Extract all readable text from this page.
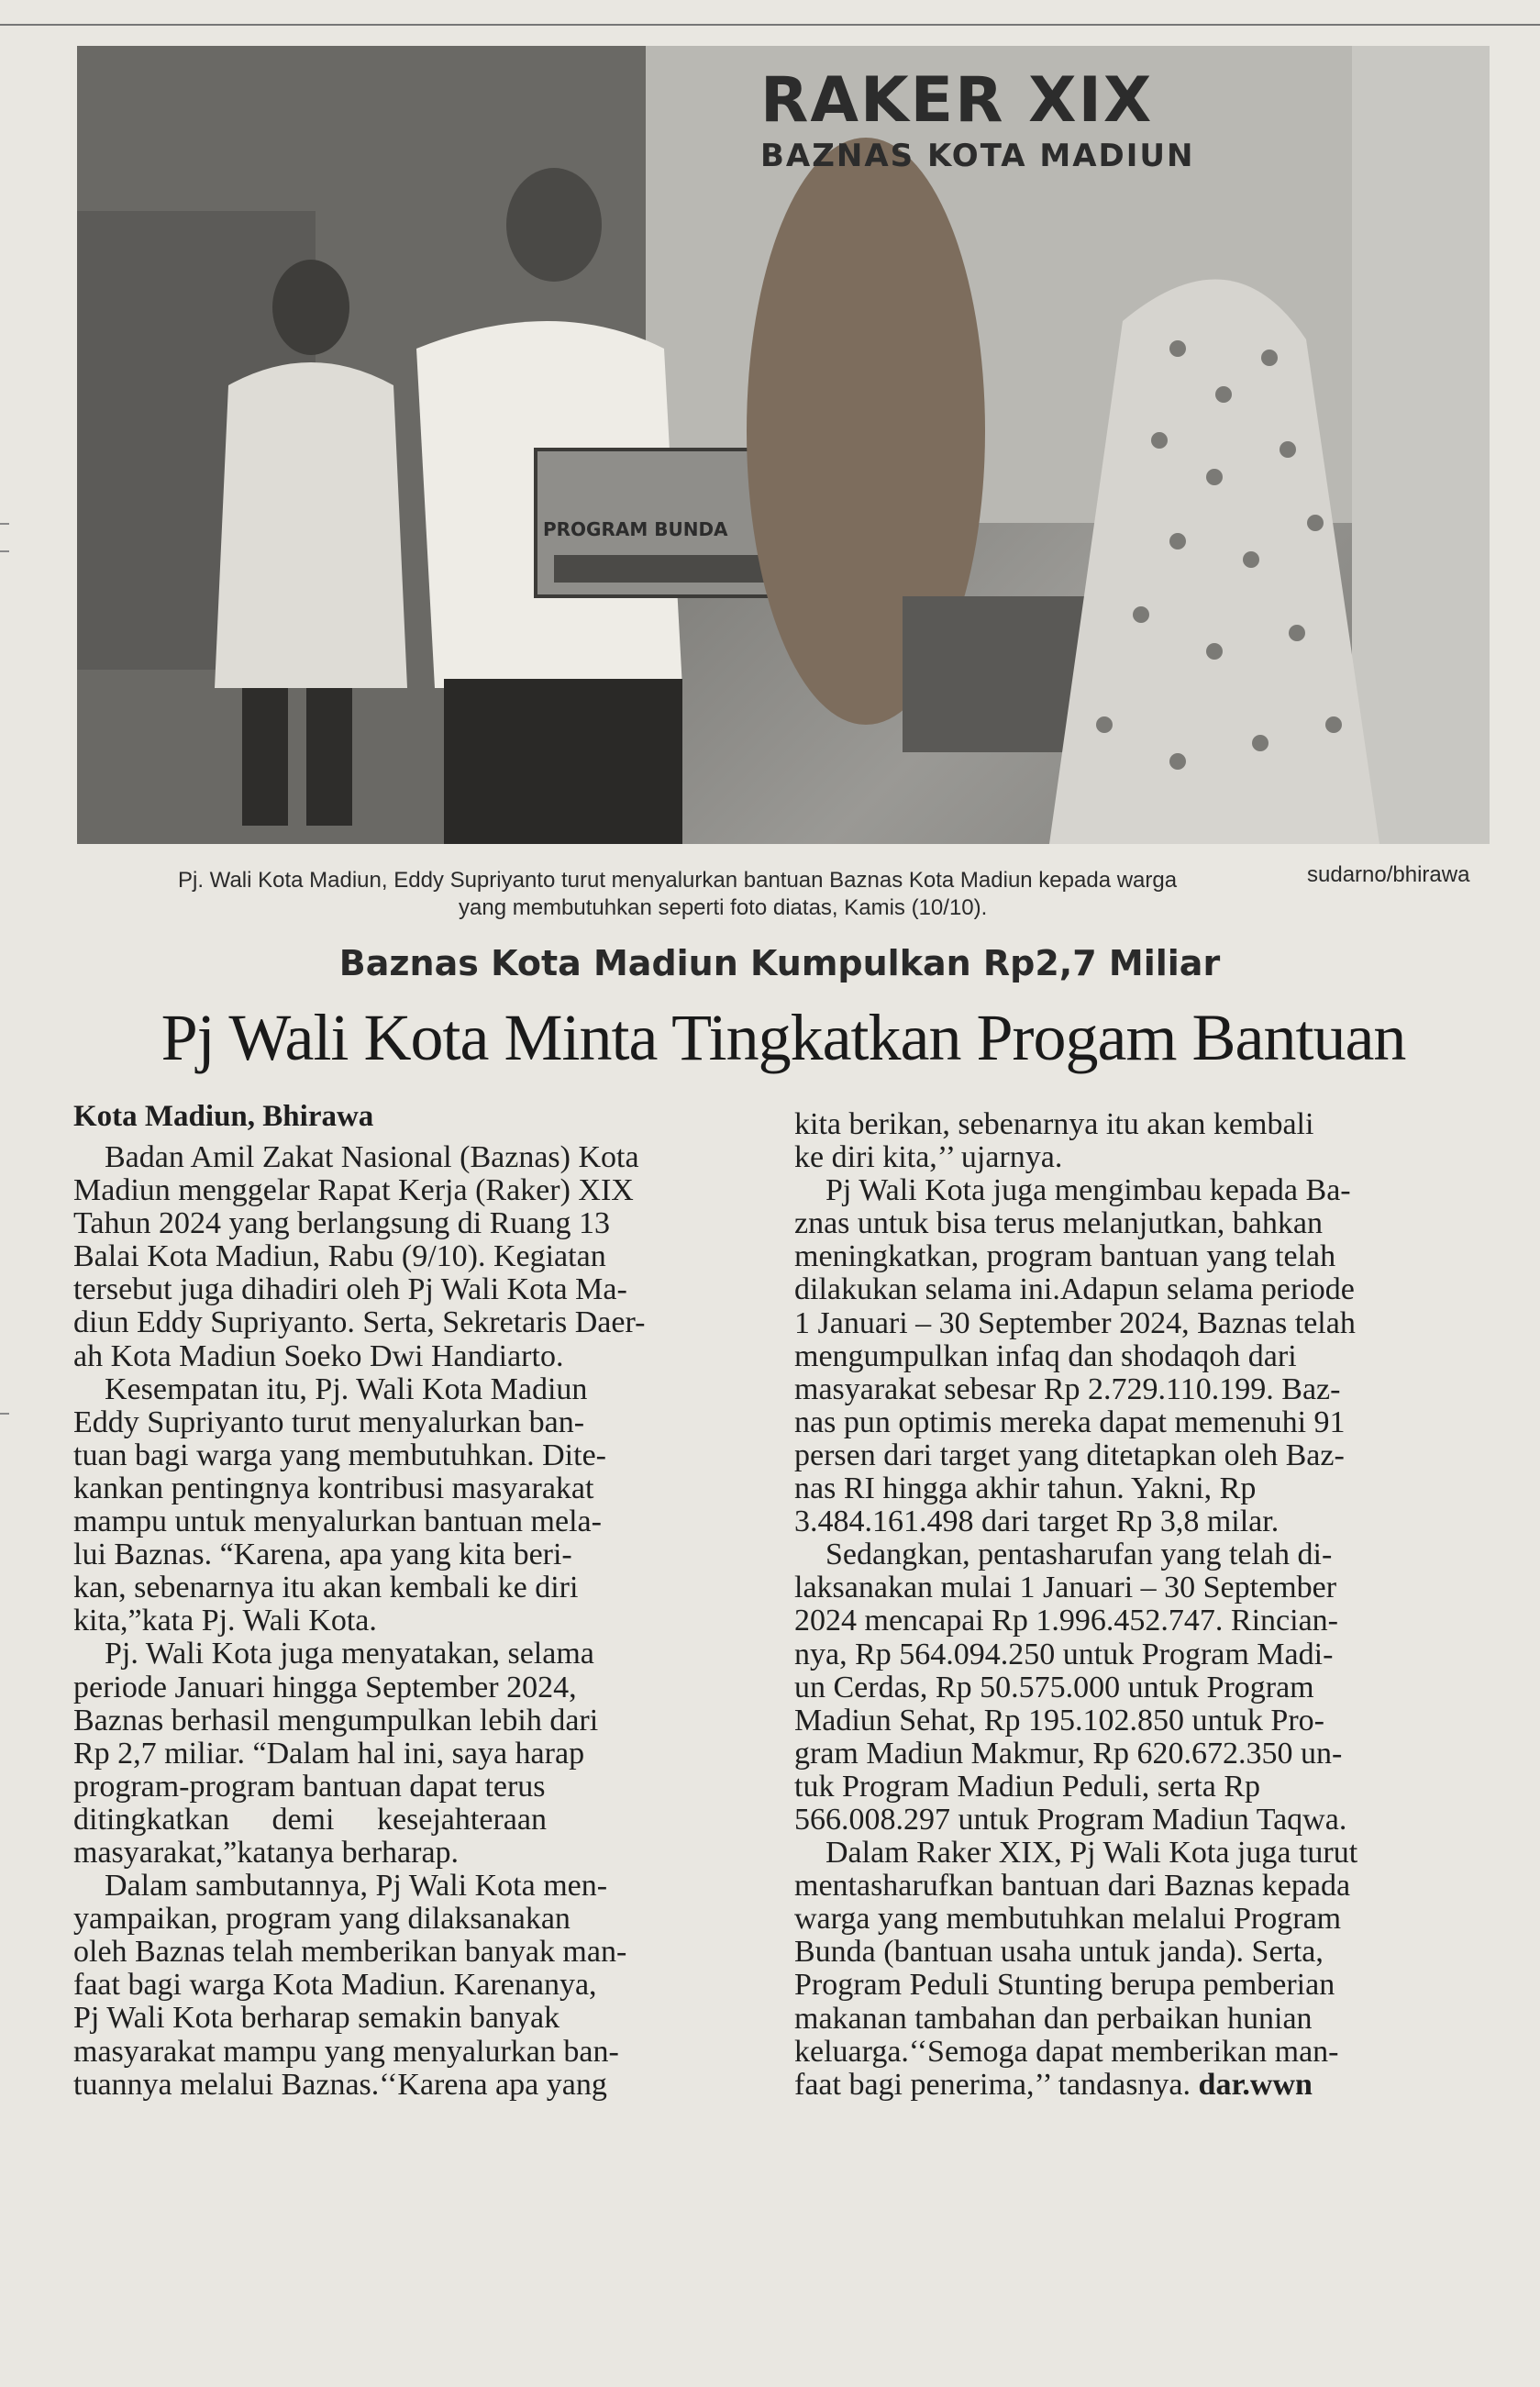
RAKER XIX
BAZNAS KOTA MADIUN
PROGRAM BUNDA
Pj. Wali Kota Madiun, Eddy Supriyanto turut menyalurkan bantuan Baznas Kota Madiun kepada warga
yang membutuhkan seperti foto diatas, Kamis (10/10).
sudarno/bhirawa
Baznas Kota Madiun Kumpulkan Rp2,7 Miliar
Pj Wali Kota Minta Tingkatkan Progam Bantuan
Kota Madiun, Bhirawa
Badan Amil Zakat Nasional (Baznas) Kota
Madiun menggelar Rapat Kerja (Raker) XIX
Tahun 2024 yang berlangsung di Ruang 13
Balai Kota Madiun, Rabu (9/10). Kegiatan
tersebut juga dihadiri oleh Pj Wali Kota Ma-
diun Eddy Supriyanto. Serta, Sekretaris Daer-
ah Kota Madiun Soeko Dwi Handiarto.
Kesempatan itu, Pj. Wali Kota Madiun
Eddy Supriyanto turut menyalurkan ban-
tuan bagi warga yang membutuhkan. Dite-
kankan pentingnya kontribusi masyarakat
mampu untuk menyalurkan bantuan mela-
lui Baznas. “Karena, apa yang kita beri-
kan, sebenarnya itu akan kembali ke diri
kita,”kata Pj. Wali Kota.
Pj. Wali Kota juga menyatakan, selama
periode Januari hingga September 2024,
Baznas berhasil mengumpulkan lebih dari
Rp 2,7 miliar. “Dalam hal ini, saya harap
program-program bantuan dapat terus
ditingkatkan demi kesejahteraan
masyarakat,”katanya berharap.
Dalam sambutannya, Pj Wali Kota men-
yampaikan, program yang dilaksanakan
oleh Baznas telah memberikan banyak man-
faat bagi warga Kota Madiun. Karenanya,
Pj Wali Kota berharap semakin banyak
masyarakat mampu yang menyalurkan ban-
tuannya melalui Baznas.‘‘Karena apa yang
kita berikan, sebenarnya itu akan kembali
ke diri kita,’’ ujarnya.
Pj Wali Kota juga mengimbau kepada Ba-
znas untuk bisa terus melanjutkan, bahkan
meningkatkan, program bantuan yang telah
dilakukan selama ini.Adapun selama periode
1 Januari – 30 September 2024, Baznas telah
mengumpulkan infaq dan shodaqoh dari
masyarakat sebesar Rp 2.729.110.199. Baz-
nas pun optimis mereka dapat memenuhi 91
persen dari target yang ditetapkan oleh Baz-
nas RI hingga akhir tahun. Yakni, Rp
3.484.161.498 dari target Rp 3,8 milar.
Sedangkan, pentasharufan yang telah di-
laksanakan mulai 1 Januari – 30 September
2024 mencapai Rp 1.996.452.747. Rincian-
nya, Rp 564.094.250 untuk Program Madi-
un Cerdas, Rp 50.575.000 untuk Program
Madiun Sehat, Rp 195.102.850 untuk Pro-
gram Madiun Makmur, Rp 620.672.350 un-
tuk Program Madiun Peduli, serta Rp
566.008.297 untuk Program Madiun Taqwa.
Dalam Raker XIX, Pj Wali Kota juga turut
mentasharufkan bantuan dari Baznas kepada
warga yang membutuhkan melalui Program
Bunda (bantuan usaha untuk janda). Serta,
Program Peduli Stunting berupa pemberian
makanan tambahan dan perbaikan hunian
keluarga.‘‘Semoga dapat memberikan man-
faat bagi penerima,’’ tandasnya. dar.wwn
